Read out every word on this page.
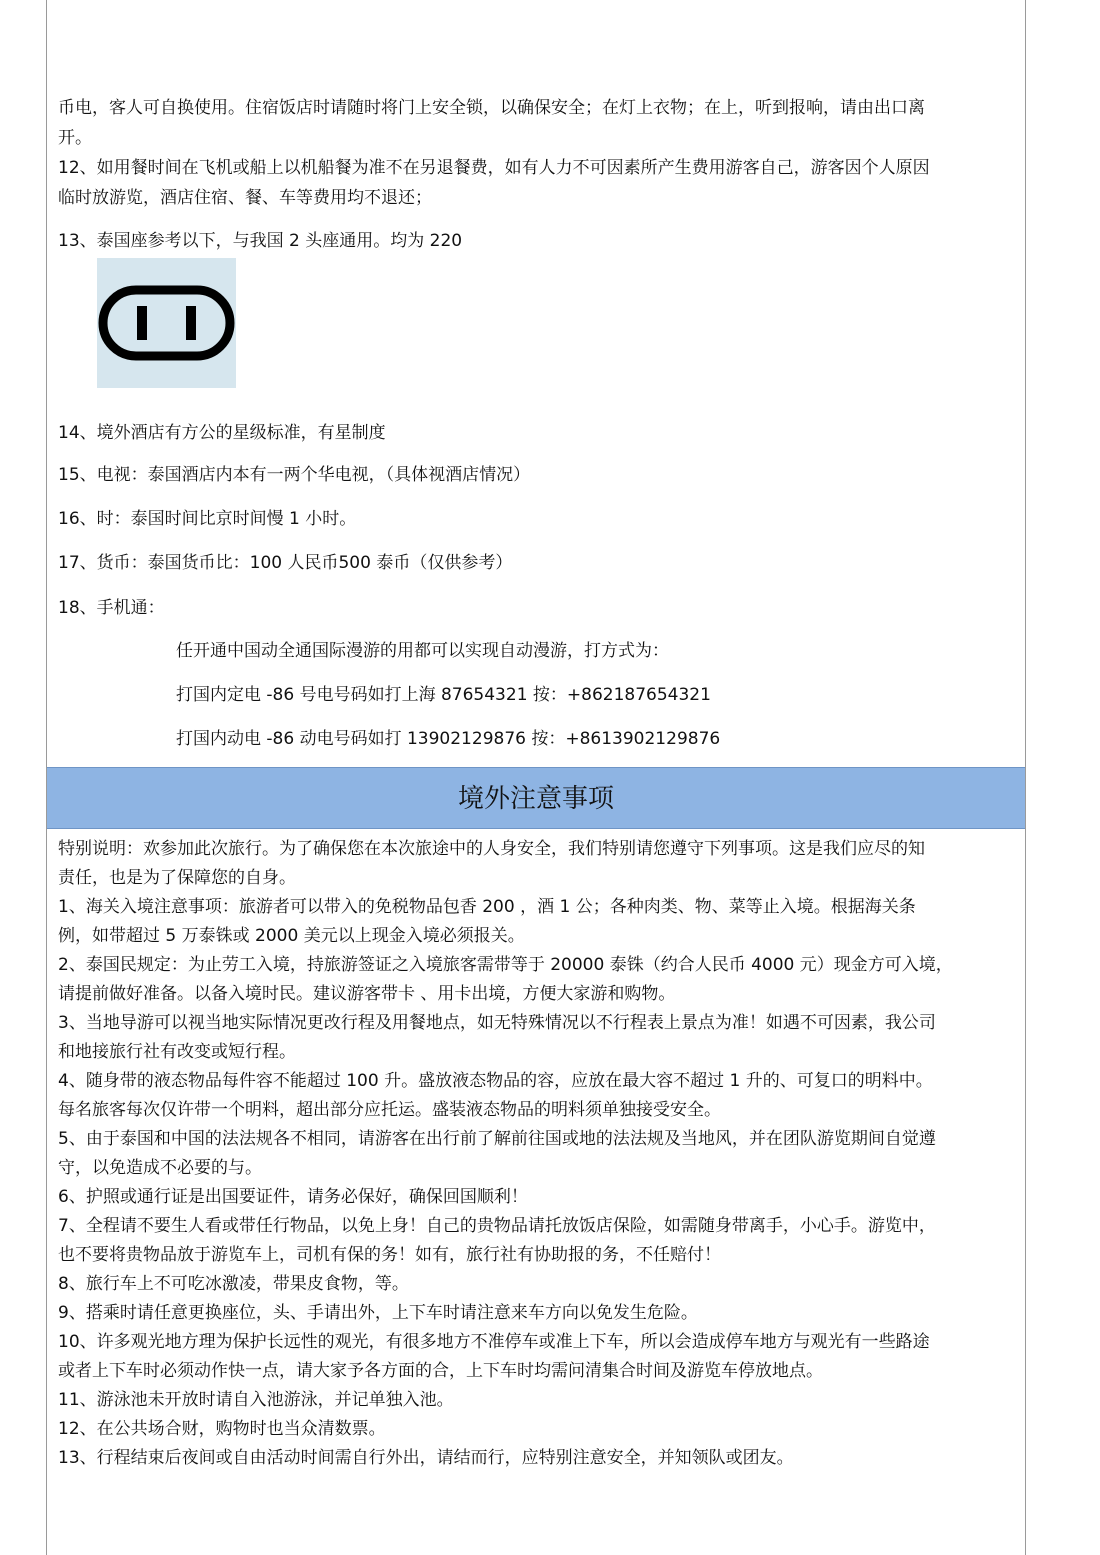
币电，客人可自换使用。住宿饭店时请随时将门上安全锁，以确保安全；在灯上衣物；在上，听到报响，请由出口离
开。
12、如用餐时间在飞机或船上以机船餐为准不在另退餐费，如有人力不可因素所产生费用游客自己，游客因个人原因
临时放游览，酒店住宿、餐、车等费用均不退还；
13、泰国座参考以下，与我国 2 头座通用。均为 220
14、境外酒店有方公的星级标准，有星制度
15、电视：泰国酒店内本有一两个华电视，（具体视酒店情况）
16、时：泰国时间比京时间慢 1 小时。
17、货币：泰国货币比：100 人民币500 泰币（仅供参考）
18、手机通：
任开通中国动全通国际漫游的用都可以实现自动漫游，打方式为：
打国内定电 -86 号电号码如打上海 87654321 按：+862187654321
打国内动电 -86 动电号码如打 13902129876 按：+8613902129876
境外注意事项
特别说明：欢参加此次旅行。为了确保您在本次旅途中的人身安全，我们特别请您遵守下列事项。这是我们应尽的知
责任，也是为了保障您的自身。
1、海关入境注意事项：旅游者可以带入的免税物品包香 200 ，酒 1 公；各种肉类、物、菜等止入境。根据海关条
例，如带超过 5 万泰铢或 2000 美元以上现金入境必须报关。
2、泰国民规定：为止劳工入境，持旅游签证之入境旅客需带等于 20000 泰铢（约合人民币 4000 元）现金方可入境，
请提前做好准备。以备入境时民。建议游客带卡 、用卡出境，方便大家游和购物。
3、当地导游可以视当地实际情况更改行程及用餐地点，如无特殊情况以不行程表上景点为准！如遇不可因素，我公司
和地接旅行社有改变或短行程。
4、随身带的液态物品每件容不能超过 100 升。盛放液态物品的容，应放在最大容不超过 1 升的、可复口的明料中。
每名旅客每次仅许带一个明料，超出部分应托运。盛装液态物品的明料须单独接受安全。
5、由于泰国和中国的法法规各不相同，请游客在出行前了解前往国或地的法法规及当地风，并在团队游览期间自觉遵
守，以免造成不必要的与。
6、护照或通行证是出国要证件，请务必保好，确保回国顺利！
7、全程请不要生人看或带任行物品，以免上身！自己的贵物品请托放饭店保险，如需随身带离手，小心手。游览中，
也不要将贵物品放于游览车上，司机有保的务！如有，旅行社有协助报的务，不任赔付！
8、旅行车上不可吃冰激凌，带果皮食物，等。
9、搭乘时请任意更换座位，头、手请出外，上下车时请注意来车方向以免发生危险。
10、许多观光地方理为保护长远性的观光，有很多地方不准停车或准上下车，所以会造成停车地方与观光有一些路途
或者上下车时必须动作快一点，请大家予各方面的合，上下车时均需问清集合时间及游览车停放地点。
11、游泳池未开放时请自入池游泳，并记单独入池。
12、在公共场合财，购物时也当众清数票。
13、行程结束后夜间或自由活动时间需自行外出，请结而行，应特别注意安全，并知领队或团友。
